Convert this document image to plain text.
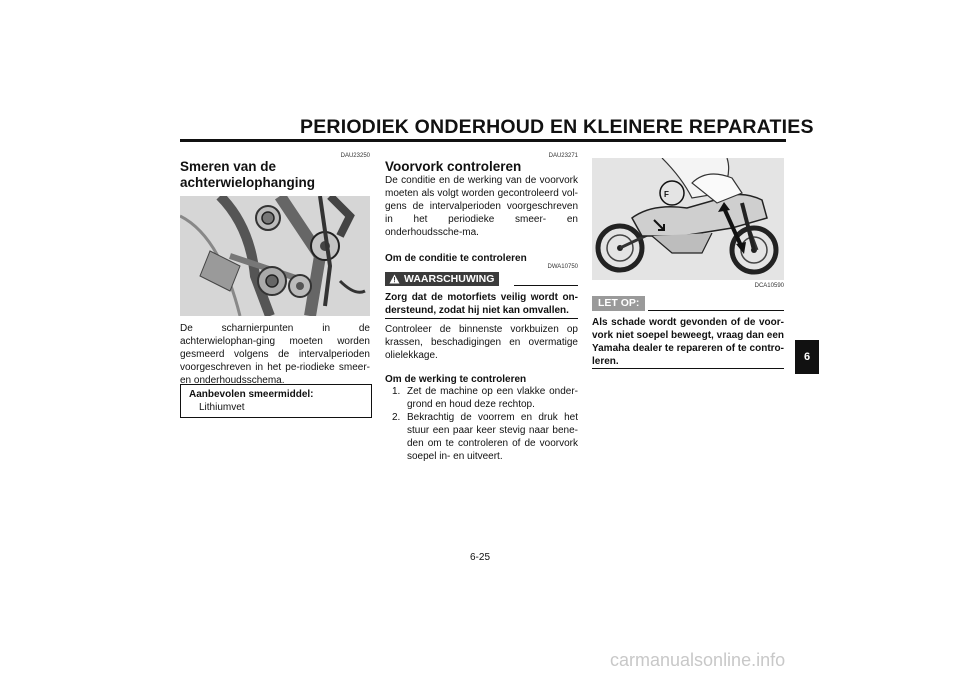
PERIODIEK ONDERHOUD EN KLEINERE REPARATIES
DAU23250
Smeren van de
achterwielophanging
De scharnierpunten in de achterwielophan-ging moeten worden gesmeerd volgens de intervalperioden voorgeschreven in het pe-riodieke smeer- en onderhoudsschema.
Aanbevolen smeermiddel:
Lithiumvet
DAU23271
Voorvork controleren
De conditie en de werking van de voorvork moeten als volgt worden gecontroleerd vol-gens de intervalperioden voorgeschreven in het periodieke smeer- en onderhoudssche-ma.
Om de conditie te controleren
DWA10750
WAARSCHUWING
Zorg dat de motorfiets veilig wordt on-dersteund, zodat hij niet kan omvallen.
Controleer de binnenste vorkbuizen op krassen, beschadigingen en overmatige olielekkage.
Om de werking te controleren
1. Zet de machine op een vlakke onder-grond en houd deze rechtop.
2. Bekrachtig de voorrem en druk het stuur een paar keer stevig naar bene-den om te controleren of de voorvork soepel in- en uitveert.
F
DCA10590
LET OP:
Als schade wordt gevonden of de voor-vork niet soepel beweegt, vraag dan een Yamaha dealer te repareren of te contro-leren.	6
6-25
carmanualsonline.info
